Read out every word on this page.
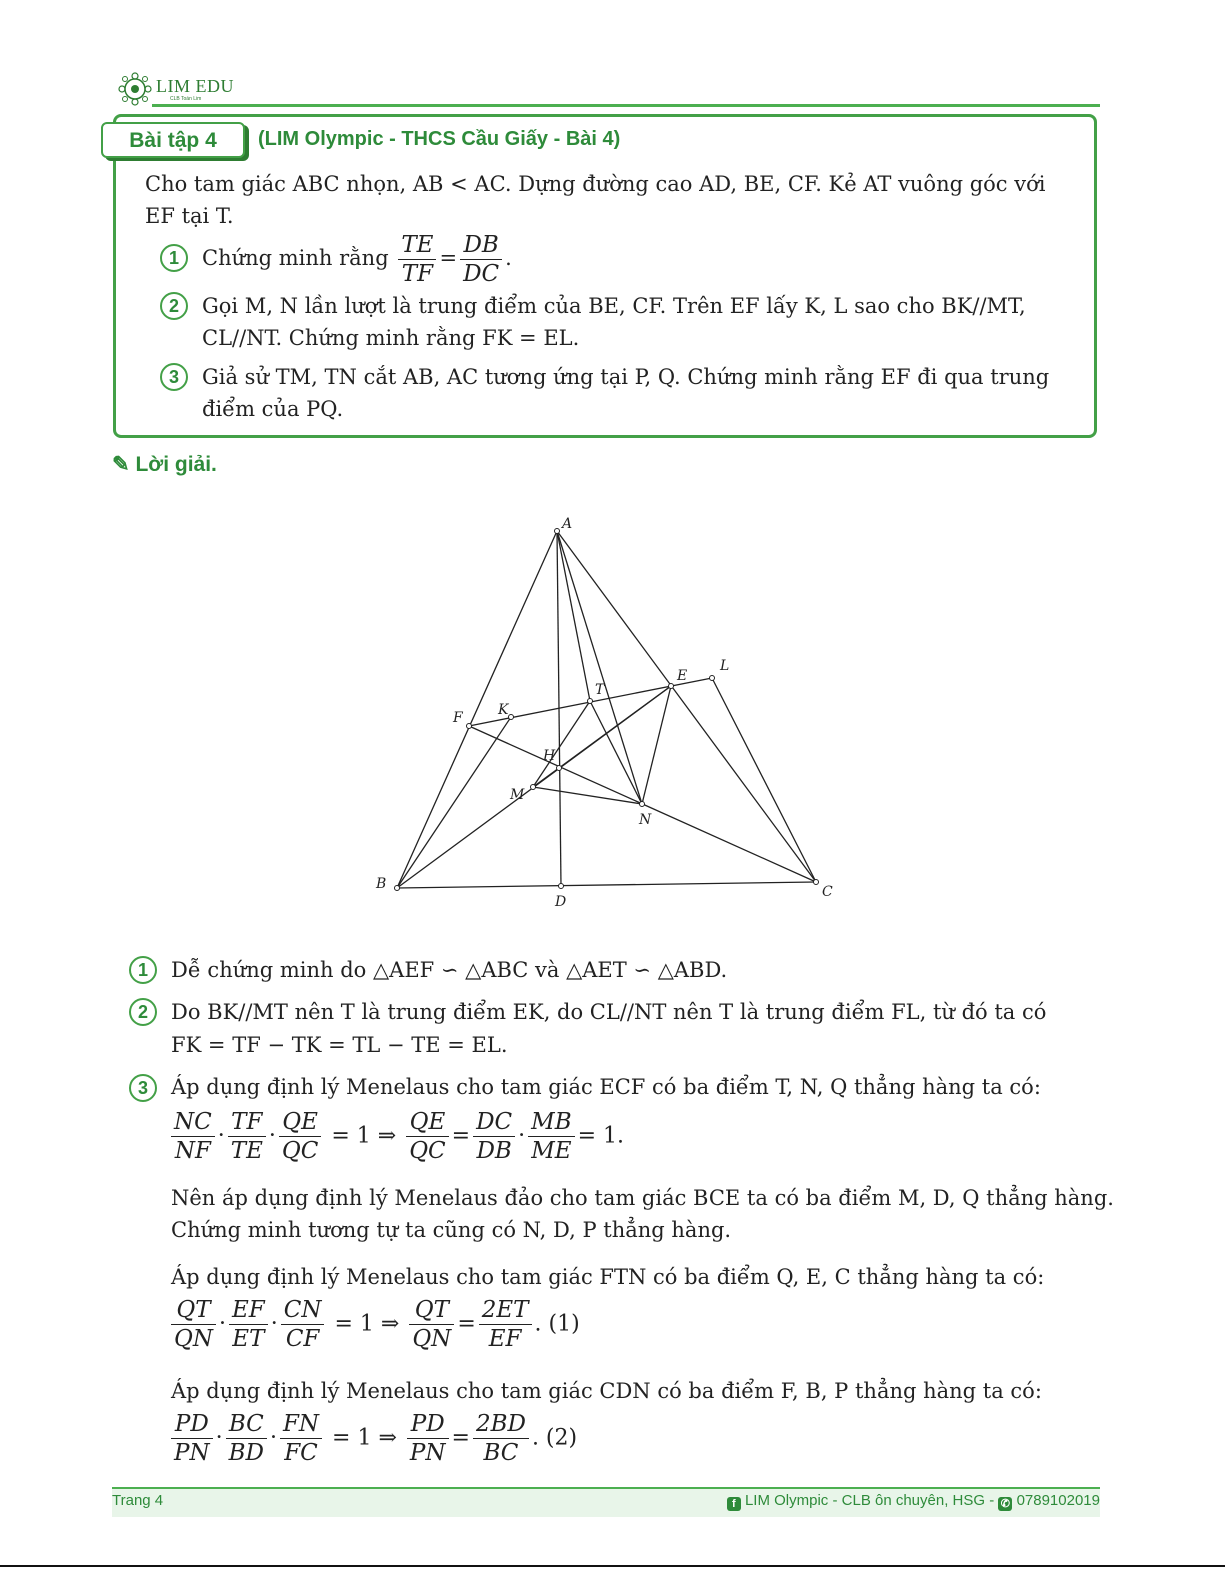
LIM EDU
CLB Toán Lim
Bài tập 4	(LIM Olympic - THCS Cầu Giấy - Bài 4)
Cho tam giác ABC nhọn, AB < AC. Dựng đường cao AD, BE, CF. Kẻ AT vuông góc với
EF tại T.
1	Chứng minh rằng $\frac{TE}{TF} = \frac{DB}{DC}$ .
2	Gọi M, N lần lượt là trung điểm của BE, CF. Trên EF lấy K, L sao cho BK//MT,
CL//NT. Chứng minh rằng FK = EL.
3	Giả sử TM, TN cắt AB, AC tương ứng tại P, Q. Chứng minh rằng EF đi qua trung
điểm của PQ.
✎ Lời giải.
A
B	C
D
E
F
T
K
L
H
M
N
1	Dễ chứng minh do △AEF ∽ △ABC và △AET ∽ △ABD.
2	Do BK//MT nên T là trung điểm EK, do CL//NT nên T là trung điểm FL, từ đó ta có
FK = TF − TK = TL − TE = EL.
3	Áp dụng định lý Menelaus cho tam giác ECF có ba điểm T, N, Q thẳng hàng ta có:
$\frac{NC}{NF} \cdot \frac{TF}{TE} \cdot \frac{QE}{QC} = 1$ ⇒ $\frac{QE}{QC} = \frac{DC}{DB} \cdot \frac{MB}{ME} = 1$.
Nên áp dụng định lý Menelaus đảo cho tam giác BCE ta có ba điểm M, D, Q thẳng hàng.
Chứng minh tương tự ta cũng có N, D, P thẳng hàng.
Áp dụng định lý Menelaus cho tam giác FTN có ba điểm Q, E, C thẳng hàng ta có:
$\frac{QT}{QN} \cdot \frac{EF}{ET} \cdot \frac{CN}{CF} = 1$ ⇒ $\frac{QT}{QN} = \frac{2ET}{EF}$ . (1)
Áp dụng định lý Menelaus cho tam giác CDN có ba điểm F, B, P thẳng hàng ta có:
$\frac{PD}{PN} \cdot \frac{BC}{BD} \cdot \frac{FN}{FC} = 1$ ⇒ $\frac{PD}{PN} = \frac{2BD}{BC}$ . (2)
Trang 4	f LIM Olympic - CLB ôn chuyên, HSG - ✆ 0789102019
